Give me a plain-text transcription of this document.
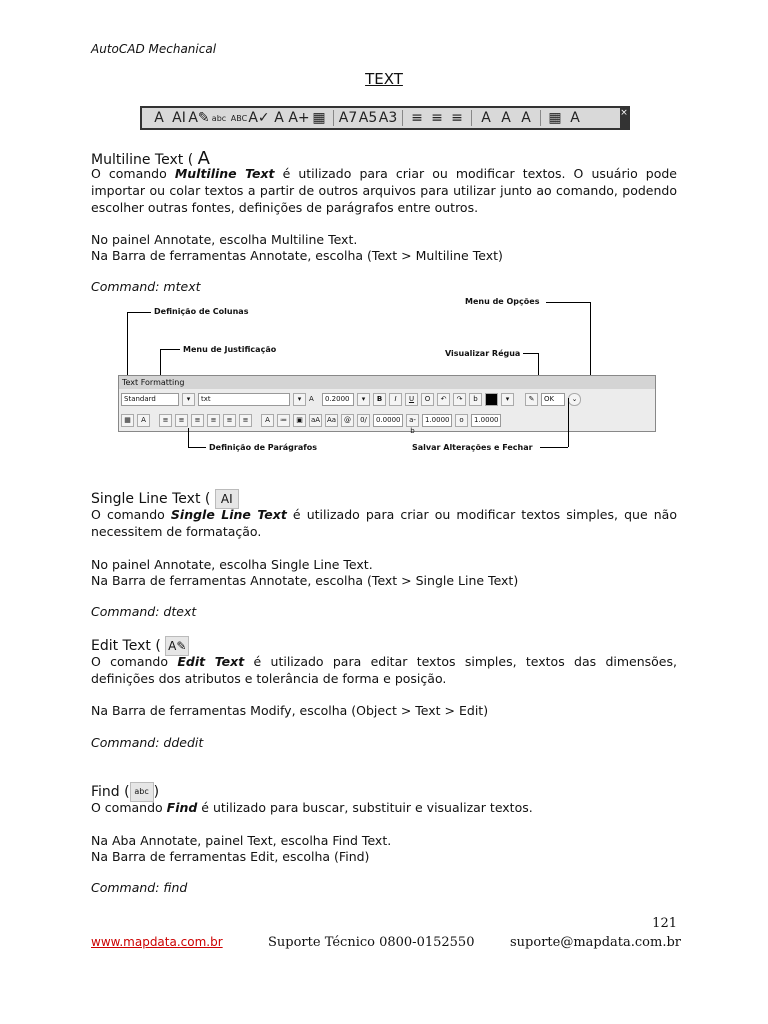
AutoCAD Mechanical
TEXT
A AI A✎ abc ABC A✓ A A+ ▦ A7 A5 A3 ≡ ≡ ≡	A A A	▦ A	×
Multiline Text ( A
O comando Multiline Text é utilizado para criar ou modificar textos. O usuário pode importar ou colar textos a partir de outros arquivos para utilizar junto ao comando, podendo escolher outras fontes, definições de parágrafos entre outros.
No painel Annotate, escolha Multiline Text.
Na Barra de ferramentas Annotate, escolha (Text > Multiline Text)
Command: mtext
Definição de Colunas
Menu de Justificação
Menu de Opções
Visualizar Régua
Text Formatting
Standard	▾	txt	▾	A	0.2000	▾	B	I	U	O	↶	↷	b	▾	✎	OK	⌄
▦	A	≡	≡	≡	≡	≡	≡	A	≔	▣	aA Aa	@	0/	0.0000	a-b
1.0000	o	1.0000
Definição de Parágrafos	Salvar Alterações e Fechar
Single Line Text ( AI
O comando Single Line Text é utilizado para criar ou modificar textos simples, que não necessitem de formatação.
No painel Annotate, escolha Single Line Text.
Na Barra de ferramentas Annotate, escolha (Text > Single Line Text)
Command: dtext
Edit Text ( A✎
O comando Edit Text é utilizado para editar textos simples, textos das dimensões, definições dos atributos e tolerância de forma e posição.
Na Barra de ferramentas Modify, escolha (Object > Text > Edit)
Command: ddedit
Find ( abc )
O comando Find é utilizado para buscar, substituir e visualizar textos.
Na Aba Annotate, painel Text, escolha Find Text.
Na Barra de ferramentas Edit, escolha (Find)
Command: find
121
www.mapdata.com.br	Suporte Técnico 0800-0152550	suporte@mapdata.com.br
